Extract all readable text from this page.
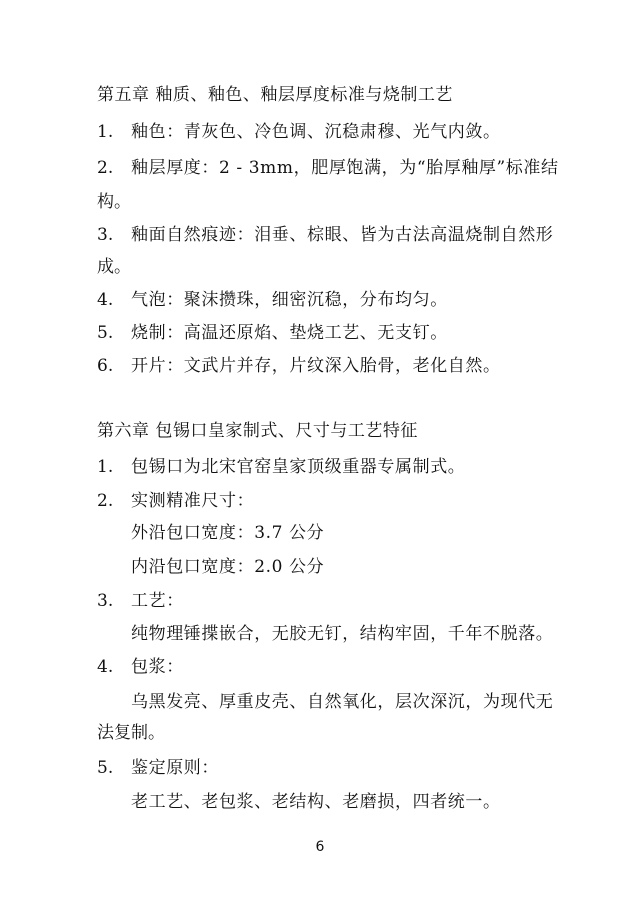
第五章 釉质、釉色、釉层厚度标准与烧制工艺
1. 釉色：青灰色、冷色调、沉稳肃穆、光气内敛。
2. 釉层厚度：2 - 3mm，肥厚饱满，为“胎厚釉厚”标准结
构。
3. 釉面自然痕迹：泪垂、棕眼、皆为古法高温烧制自然形
成。
4. 气泡：聚沫攒珠，细密沉稳，分布均匀。
5. 烧制：高温还原焰、垫烧工艺、无支钉。
6. 开片：文武片并存，片纹深入胎骨，老化自然。
第六章 包锡口皇家制式、尺寸与工艺特征
1. 包锡口为北宋官窑皇家顶级重器专属制式。
2. 实测精准尺寸：
外沿包口宽度：3.7 公分
内沿包口宽度：2.0 公分
3. 工艺：
纯物理锤揲嵌合，无胶无钉，结构牢固，千年不脱落。
4. 包浆：
乌黑发亮、厚重皮壳、自然氧化，层次深沉，为现代无
法复制。
5. 鉴定原则：
老工艺、老包浆、老结构、老磨损，四者统一。
6
